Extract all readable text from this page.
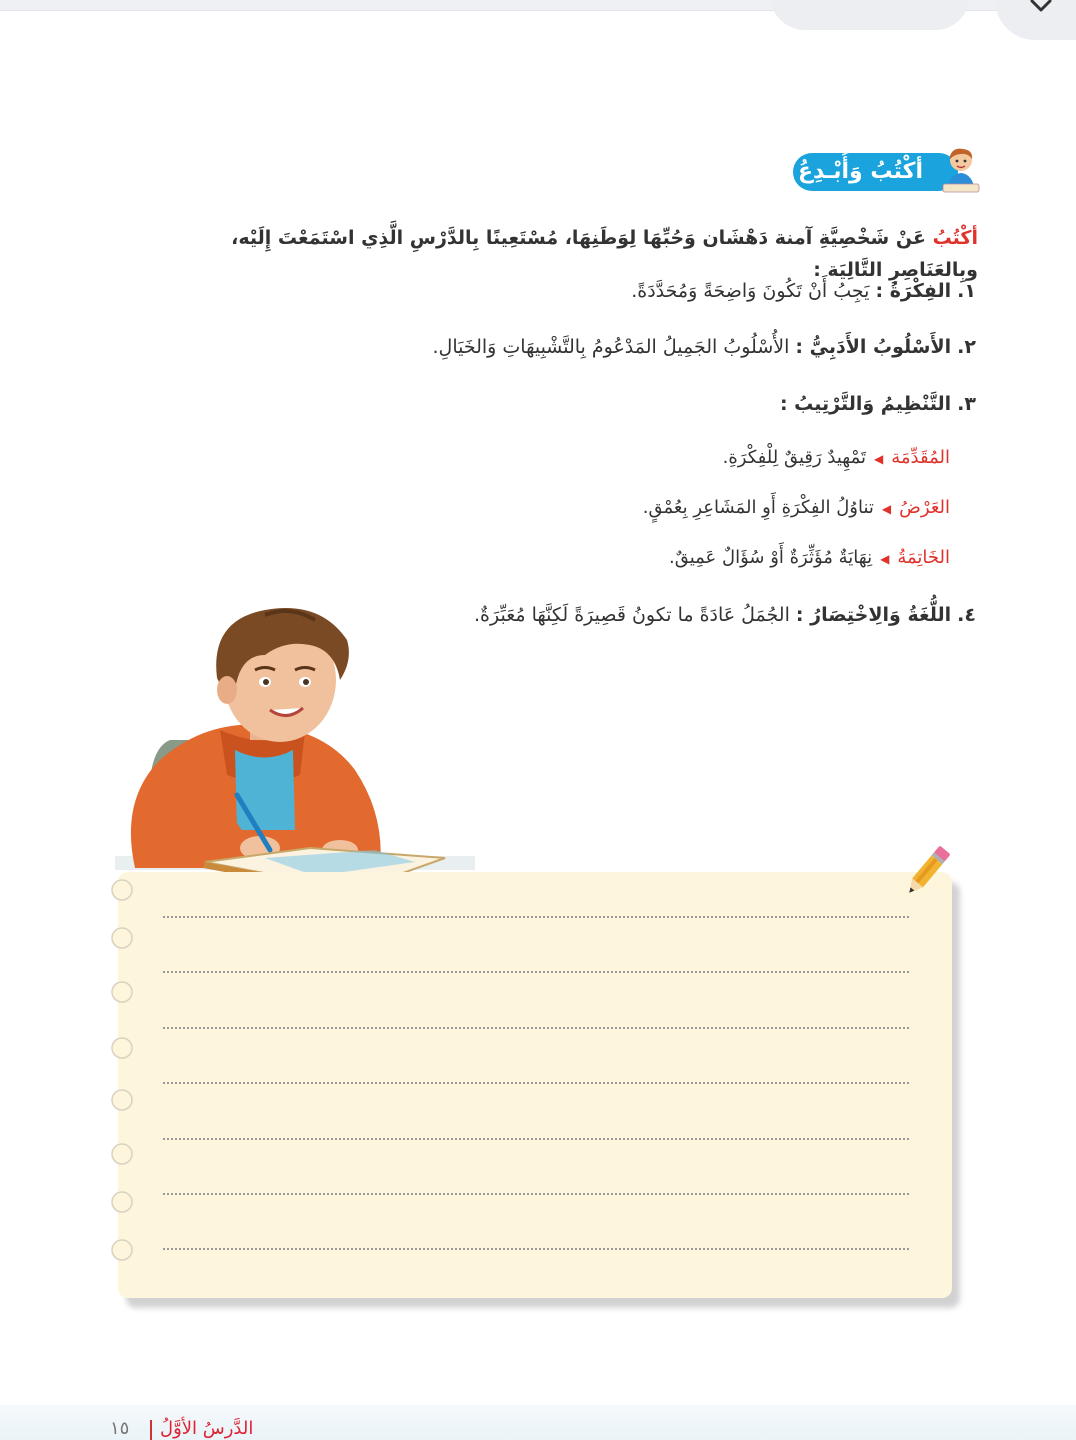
أكْتُبُ وَأُبْـدِعُ
أكْتُبُ عَنْ شَخْصِيَّةِ آمنة دَهْشَان وَحُبِّهَا لِوَطَنِهَا، مُسْتَعِينًا بِالدَّرْسِ الَّذِي اسْتَمَعْتَ إِلَيْه، وبِالعَنَاصِرِ التَّالِيَة :
١. الفِكْرَةُ : يَجِبُ أَنْ تَكُونَ وَاضِحَةً وَمُحَدَّدَةً.
٢. الأَسْلُوبُ الأَدَبِيُّ : الأُسْلُوبُ الجَمِيلُ المَدْعُومُ بِالتَّشْبِيهَاتِ وَالخَيَالِ.
٣. التَّنْظِيمُ وَالتَّرْتِيبُ :
المُقَدِّمَة◀تَمْهِيدٌ رَقِيقٌ لِلْفِكْرَةِ.
العَرْضُ◀تناوُلُ الفِكْرَةِ أَوِ المَشَاعِرِ بِعُمْقٍ.
الخَاتِمَةُ◀نِهَايَةٌ مُؤَثِّرَةٌ أَوْ سُؤَالٌ عَمِيقٌ.
٤. اللُّغَةُ وَالِاخْتِصَارُ : الجُمَلُ عَادَةً ما تكونُ قَصِيرَةً لَكِنَّهَا مُعَبِّرَةٌ.
١٥ الدَّرسُ الأوَّلُ
